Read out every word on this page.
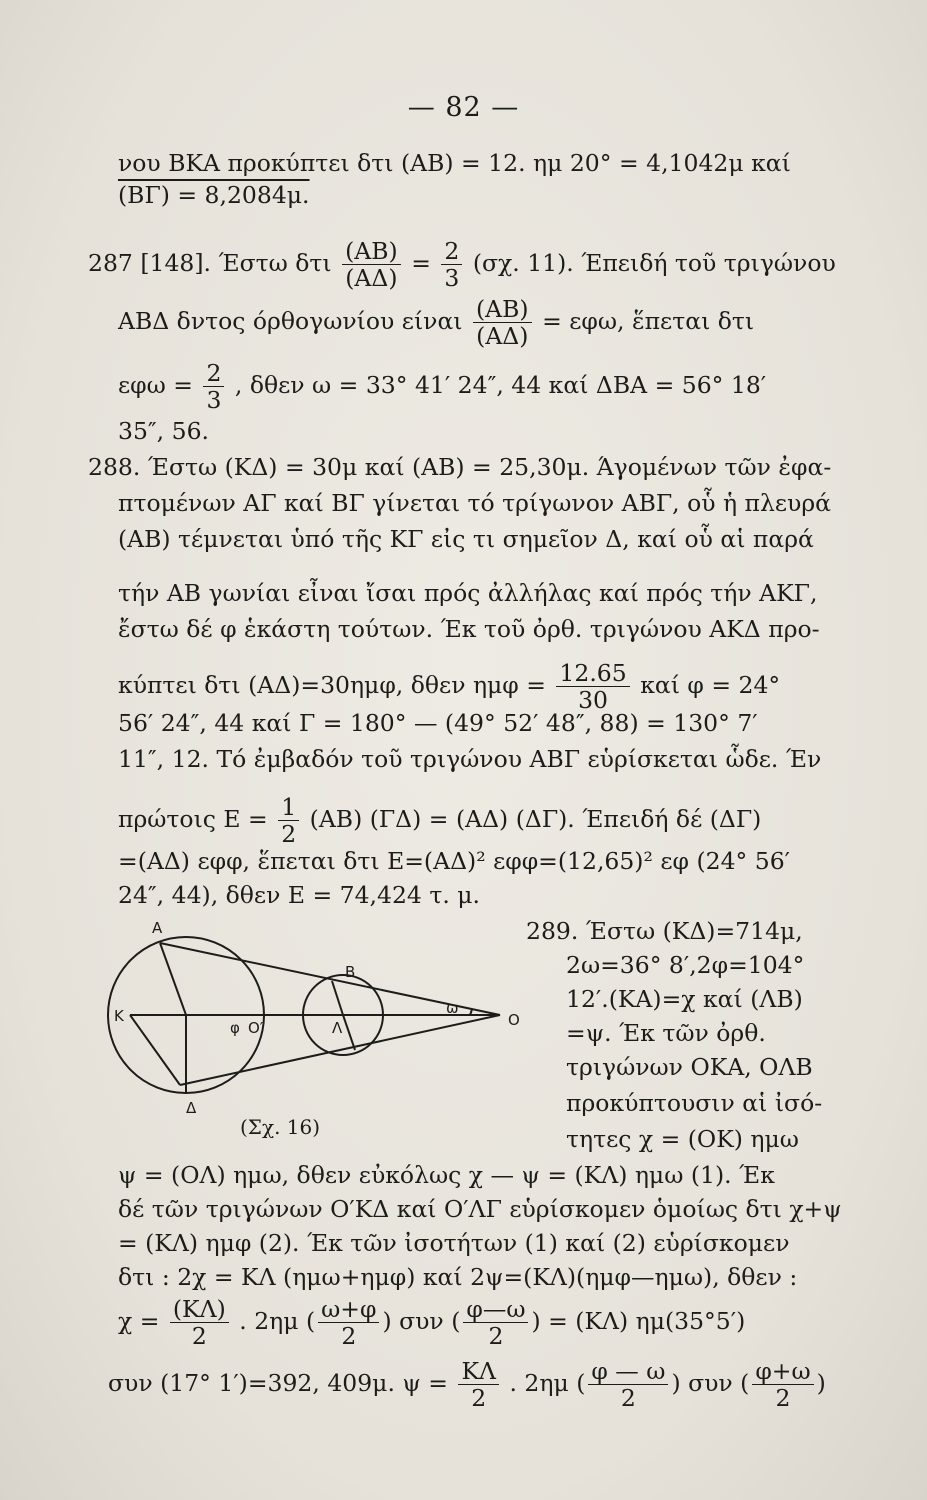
— 82 —
νου ΒΚΑ προκύπτει δτι (ΑΒ) = 12. ημ 20° = 4,1042μ καί
(ΒΓ) = 8,2084μ.
287 [148]. Έστω δτι $\frac{(AB)}{(A\Delta)} = \frac{2}{3} (\sigma\chi$. 11). Έπειδή τοῦ τριγώνου
ΑΒΔ δντος όρθογωνίου είναι $\frac{(AB)}{(A\Delta)} = \varepsilon\varphi\omega$, ἕπεται δτι
$\varepsilon\varphi\omega = \frac{2}{3}$ , δθεν ω = 33° 41′ 24″, 44 καί ΔΒΑ = 56° 18′
35″, 56.
288. Έστω (ΚΔ) = 30μ καί (ΑΒ) = 25,30μ. Άγομένων τῶν ἐφα-
πτομένων ΑΓ καί ΒΓ γίνεται τό τρίγωνον ΑΒΓ, οὗ ἡ πλευρά
(ΑΒ) τέμνεται ὑπό τῆς ΚΓ εἰς τι σημεῖον Δ, καί οὗ αἱ παρά
τήν ΑΒ γωνίαι εἶναι ἴσαι πρός ἀλλήλας καί πρός τήν ΑΚΓ,
ἔστω δέ φ ἑκάστη τούτων. Έκ τοῦ ὀρθ. τριγώνου ΑΚΔ προ-
κύπτει δτι (ΑΔ)=30ημφ, δθεν $\eta\mu\varphi = \frac{12.65}{30}$ καί φ = 24°
56′ 24″, 44 καί Γ = 180° — (49° 52′ 48″, 88) = 130° 7′
11″, 12. Τό ἐμβαδόν τοῦ τριγώνου ΑΒΓ εὑρίσκεται ὧδε. Έν
πρώτοις $E = \frac{1}{2} (AB) (\Gamma\Delta) = (A\Delta)$ (ΔΓ). Έπειδή δέ (ΔΓ)
=(ΑΔ) εφφ, ἕπεται δτι Ε=(ΑΔ)² εφφ=(12,65)² εφ (24° 56′
24″, 44), δθεν Ε = 74,424 τ. μ.
289. Έστω (ΚΔ)=714μ,
2ω=36° 8′,2φ=104°
12′.(ΚΑ)=χ καί (ΛΒ)
=ψ. Έκ τῶν ὀρθ.
τριγώνων ΟΚΑ, ΟΛΒ
προκύπτουσιν αἱ ἰσό-
τητες χ = (ΟΚ) ημω
A
B
K
φ O′	Λ
ω
O
Δ
(Σχ. 16)
ψ = (ΟΛ) ημω, δθεν εὐκόλως χ — ψ = (ΚΛ) ημω (1). Έκ
δέ τῶν τριγώνων Ο′ΚΔ καί Ο′ΛΓ εὑρίσκομεν ὁμοίως δτι χ+ψ
= (ΚΛ) ημφ (2). Έκ τῶν ἰσοτήτων (1) καί (2) εὑρίσκομεν
δτι : 2χ = ΚΛ (ημω+ημφ) καί 2ψ=(ΚΛ)(ημφ—ημω), δθεν :
$\chi = \frac{(K\Lambda)}{2}$ . 2ημ ( $\frac{\omega+\varphi}{2}$ ) συν ( $\frac{\varphi—\omega}{2}$ ) = (ΚΛ) ημ(35°5′)
συν (17° 1′)=392, 409μ. $\psi = \frac{K\Lambda}{2}$ . 2ημ ( $\frac{\varphi — \omega}{2}$ ) συν ( $\frac{\varphi+\omega}{2}$ )
